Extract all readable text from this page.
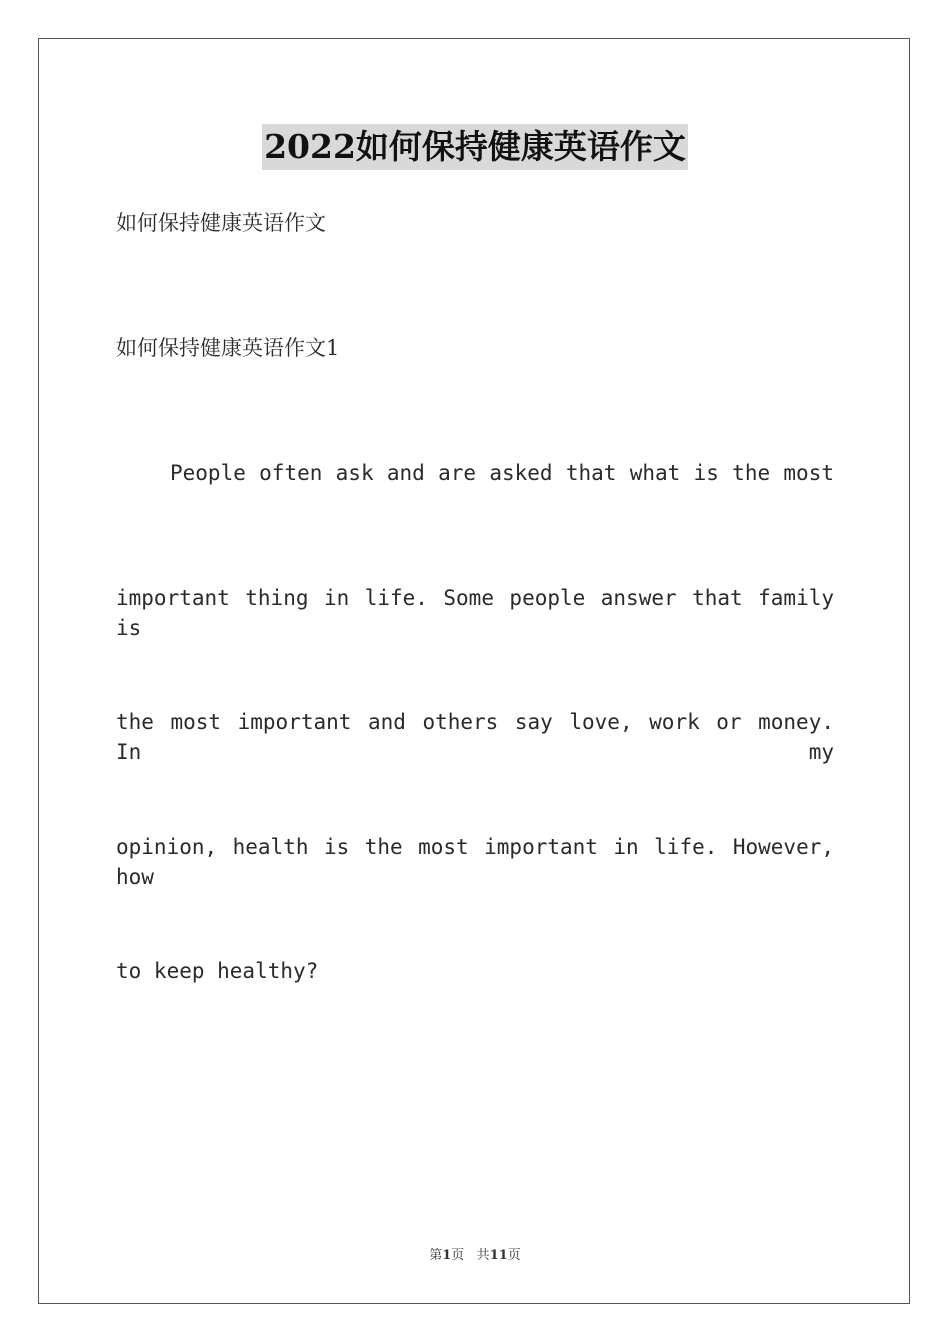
2022如何保持健康英语作文
如何保持健康英语作文
如何保持健康英语作文1
People often ask and are asked that what is the most
important thing in life. Some people answer that family is
the most important and others say love, work or money. In my
opinion, health is the most important in life. However, how
to keep healthy?
第1页 共11页
